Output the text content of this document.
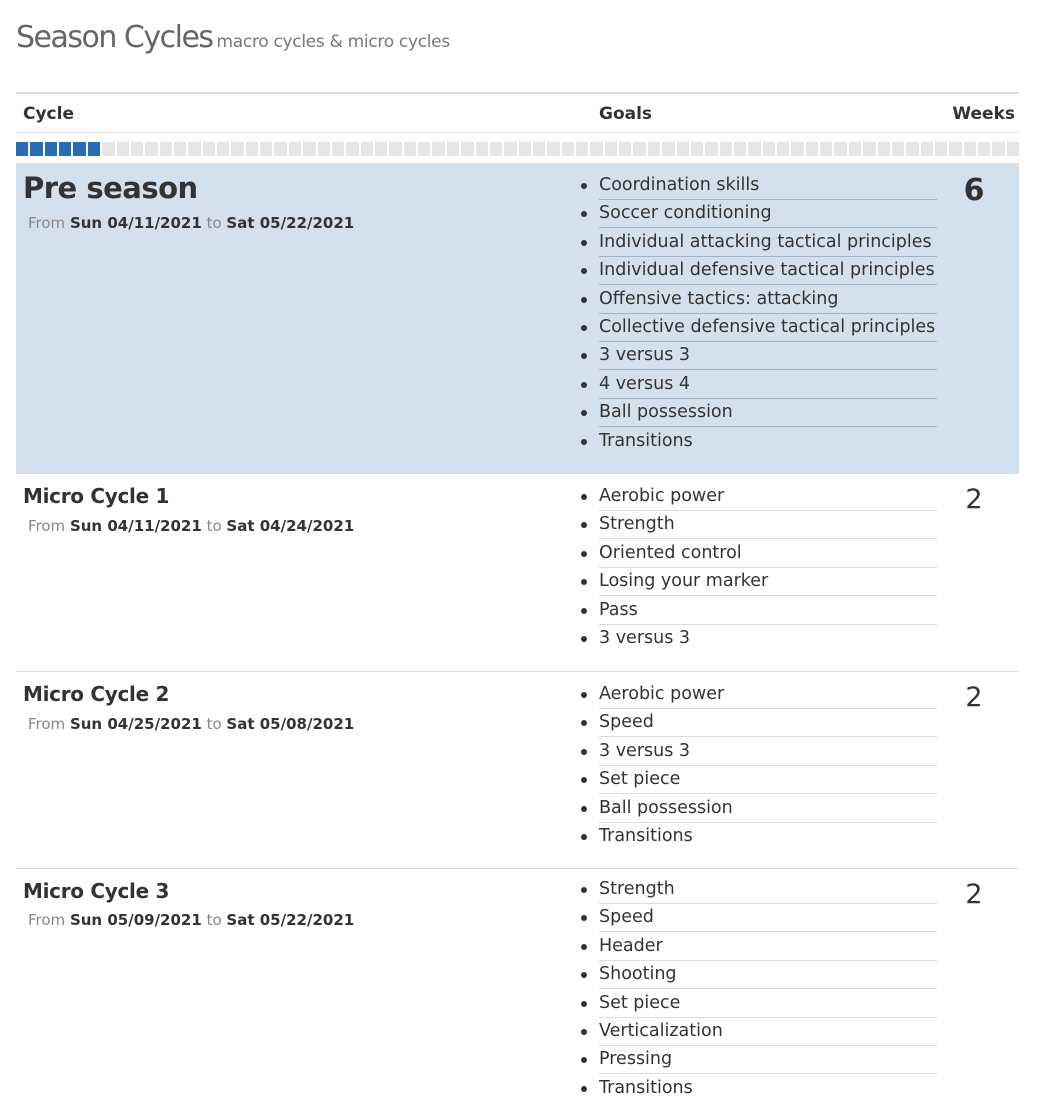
Season Cycles macro cycles & micro cycles
Cycle	Goals	Weeks
Pre season
From Sun 04/11/2021 to Sat 05/22/2021
Coordination skills
Soccer conditioning
Individual attacking tactical principles
Individual defensive tactical principles
Offensive tactics: attacking
Collective defensive tactical principles
3 versus 3
4 versus 4
Ball possession
Transitions
6
Micro Cycle 1
From Sun 04/11/2021 to Sat 04/24/2021
Aerobic power
Strength
Oriented control
Losing your marker
Pass
3 versus 3
2
Micro Cycle 2
From Sun 04/25/2021 to Sat 05/08/2021
Aerobic power
Speed
3 versus 3
Set piece
Ball possession
Transitions
2
Micro Cycle 3
From Sun 05/09/2021 to Sat 05/22/2021
Strength
Speed
Header
Shooting
Set piece
Verticalization
Pressing
Transitions
2
